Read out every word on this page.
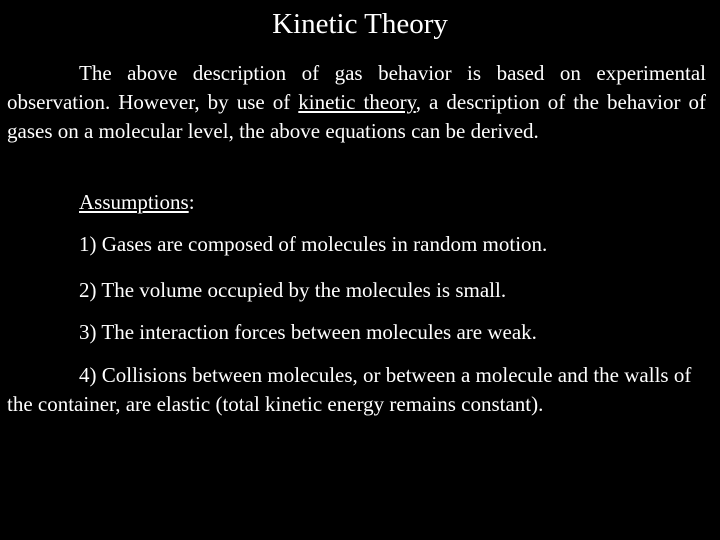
Kinetic Theory

The above description of gas behavior is based on experimental observation. However, by use of kinetic theory, a description of the behavior of gases on a molecular level, the above equations can be derived.

Assumptions:

1) Gases are composed of molecules in random motion.

2) The volume occupied by the molecules is small.

3) The interaction forces between molecules are weak.

4) Collisions between molecules, or between a molecule and the walls of the container, are elastic (total kinetic energy remains constant).
